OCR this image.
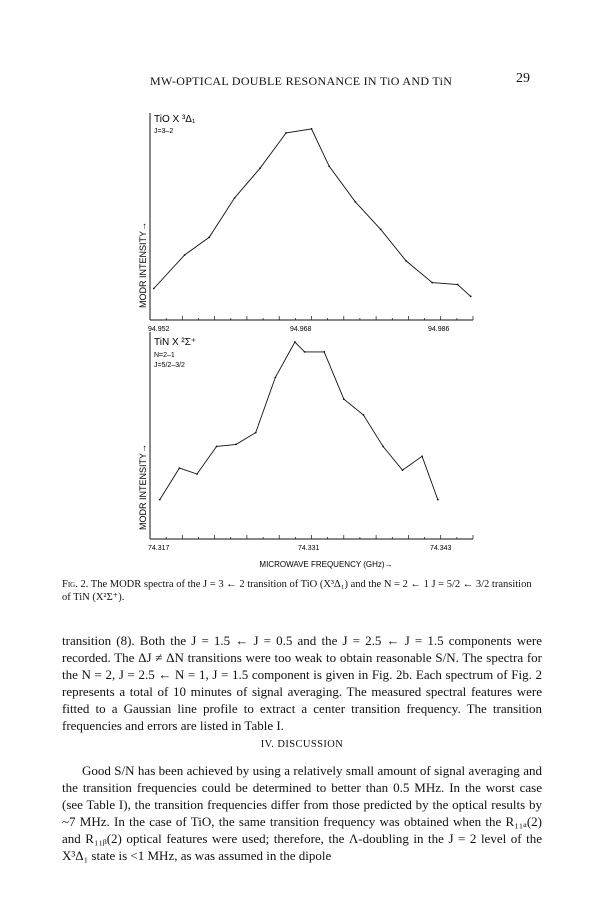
MW-OPTICAL DOUBLE RESONANCE IN TiO AND TiN	29
TiO X ³Δ₁
J=3–2
94.952	94.968	94.986
MODR INTENSITY→
TiN X ²Σ⁺
N=2–1
J=5/2–3/2
74.317	74.331	74.343
MODR INTENSITY→
MICROWAVE FREQUENCY (GHz)→
Fig. 2. The MODR spectra of the J = 3 ← 2 transition of TiO (X³Δ₁) and the N = 2 ← 1 J = 5/2 ← 3/2 transition of TiN (X²Σ⁺).

transition (8). Both the J = 1.5 ← J = 0.5 and the J = 2.5 ← J = 1.5 components were recorded. The ΔJ ≠ ΔN transitions were too weak to obtain reasonable S/N. The spectra for the N = 2, J = 2.5 ← N = 1, J = 1.5 component is given in Fig. 2b. Each spectrum of Fig. 2 represents a total of 10 minutes of signal averaging. The measured spectral features were fitted to a Gaussian line profile to extract a center transition frequency. The transition frequencies and errors are listed in Table I.

IV. DISCUSSION

Good S/N has been achieved by using a relatively small amount of signal averaging and the transition frequencies could be determined to better than 0.5 MHz. In the worst case (see Table I), the transition frequencies differ from those predicted by the optical results by ~7 MHz. In the case of TiO, the same transition frequency was obtained when the R₁₁ₐ(2) and R₁₁ᵦ(2) optical features were used; therefore, the Λ-doubling in the J = 2 level of the X³Δ₁ state is <1 MHz, as was assumed in the dipole
